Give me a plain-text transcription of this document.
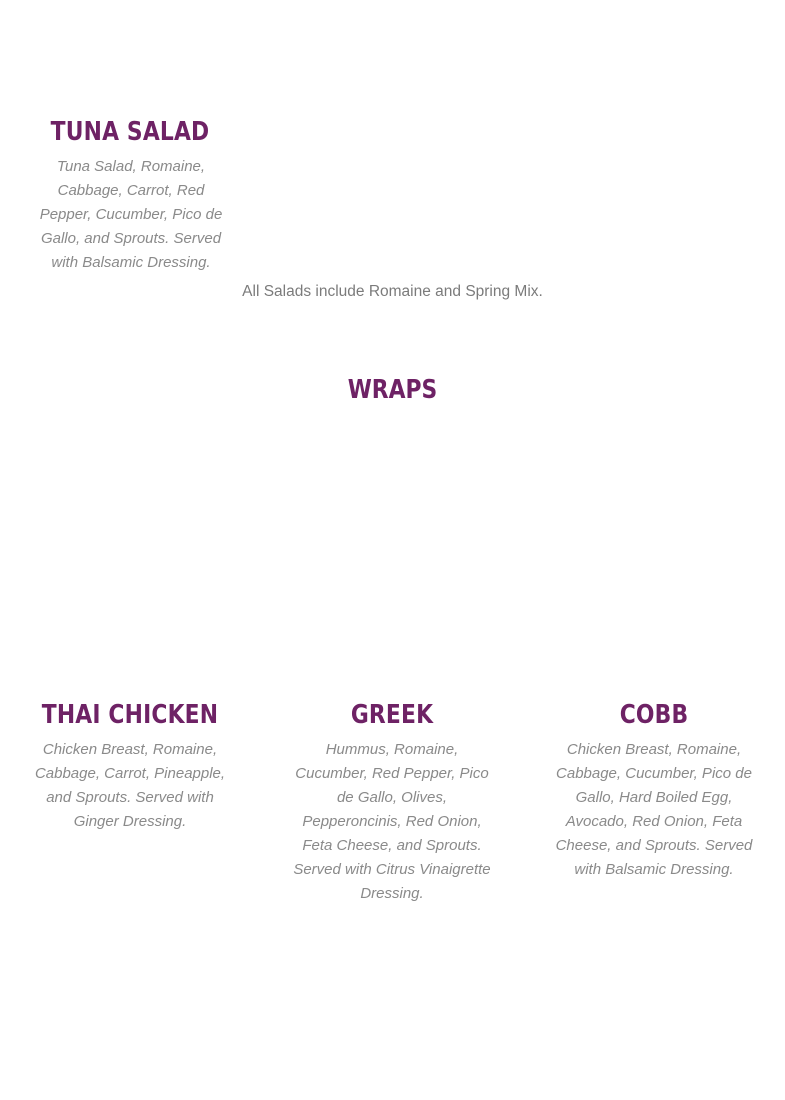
TUNA SALAD

Tuna Salad, Romaine, Cabbage, Carrot, Red Pepper, Cucumber, Pico de Gallo, and Sprouts. Served with Balsamic Dressing.

All Salads include Romaine and Spring Mix.

WRAPS
THAI CHICKEN

Chicken Breast, Romaine, Cabbage, Carrot, Pineapple, and Sprouts. Served with Ginger Dressing.

GREEK

Hummus, Romaine, Cucumber, Red Pepper, Pico de Gallo, Olives, Pepperoncinis, Red Onion, Feta Cheese, and Sprouts. Served with Citrus Vinaigrette Dressing.

COBB

Chicken Breast, Romaine, Cabbage, Cucumber, Pico de Gallo, Hard Boiled Egg, Avocado, Red Onion, Feta Cheese, and Sprouts. Served with Balsamic Dressing.
